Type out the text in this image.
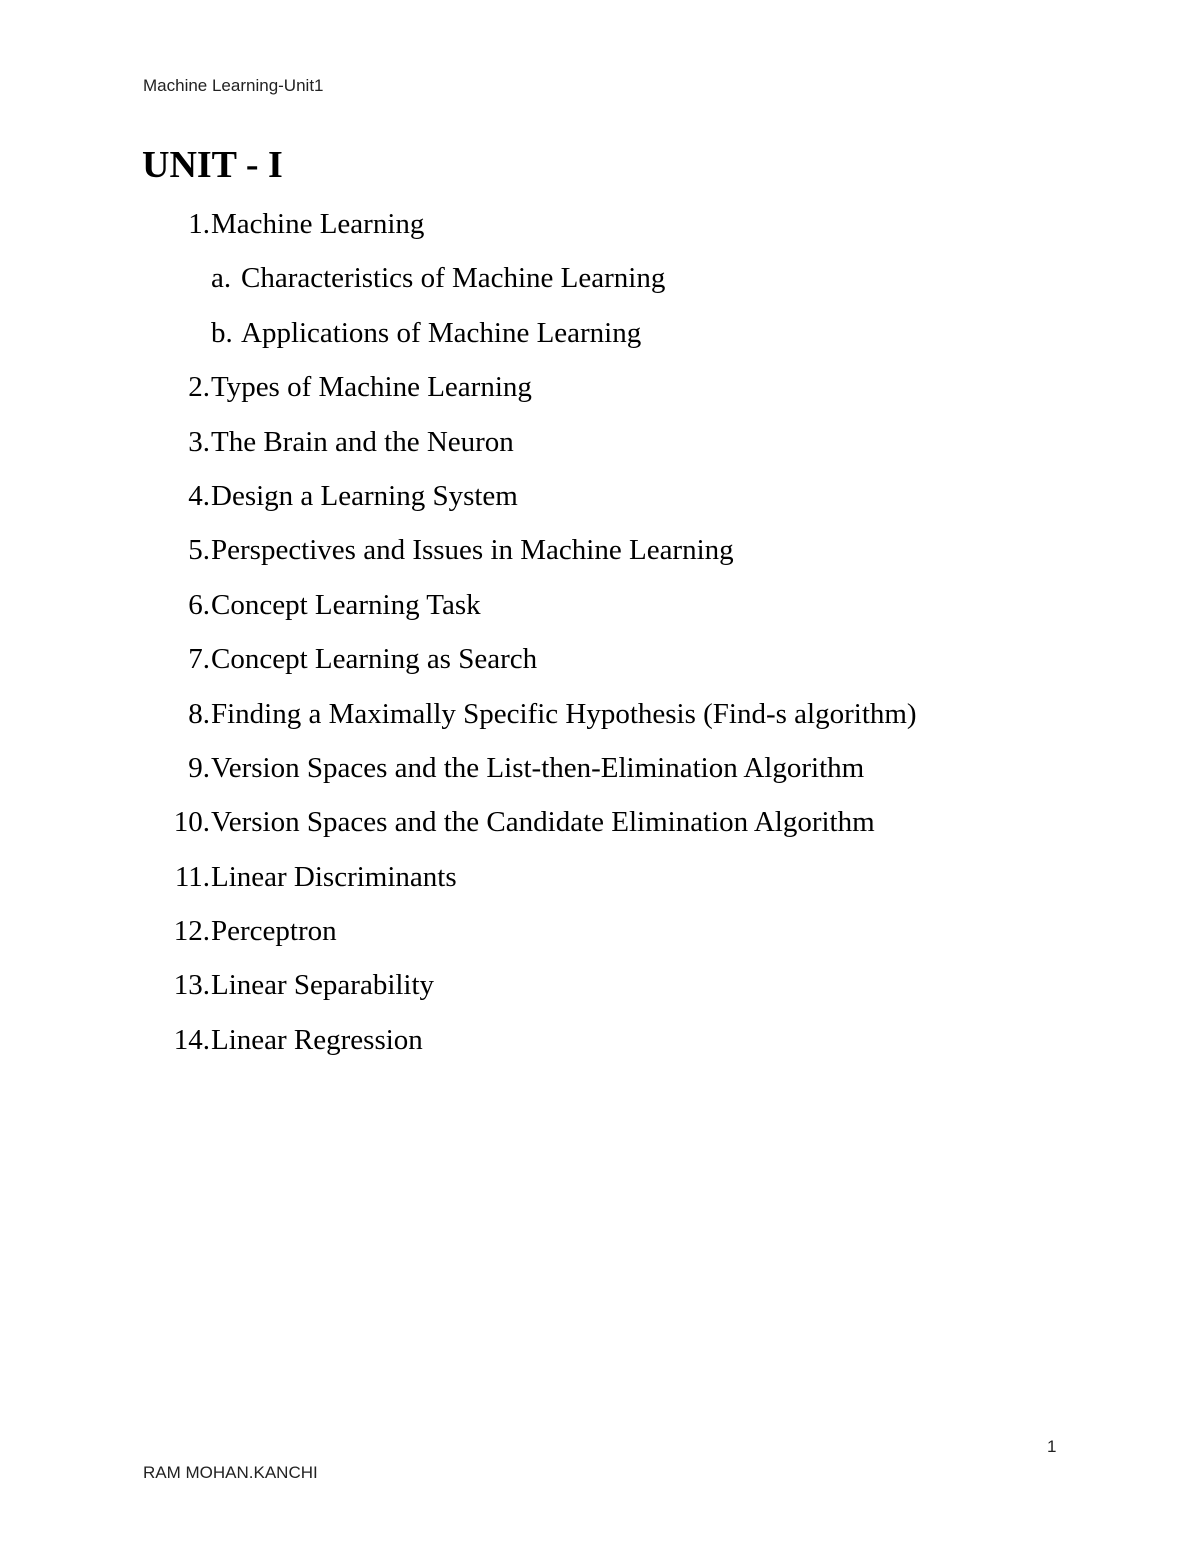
Machine Learning-Unit1
UNIT - I
1. Machine Learning
a. Characteristics of Machine Learning
b. Applications of Machine Learning
2. Types of Machine Learning
3. The Brain and the Neuron
4. Design a Learning System
5. Perspectives and Issues in Machine Learning
6. Concept Learning Task
7. Concept Learning as Search
8. Finding a Maximally Specific Hypothesis (Find-s algorithm)
9. Version Spaces and the List-then-Elimination Algorithm
10. Version Spaces and the Candidate Elimination Algorithm
11. Linear Discriminants
12. Perceptron
13. Linear Separability
14. Linear Regression
1
RAM MOHAN.KANCHI
